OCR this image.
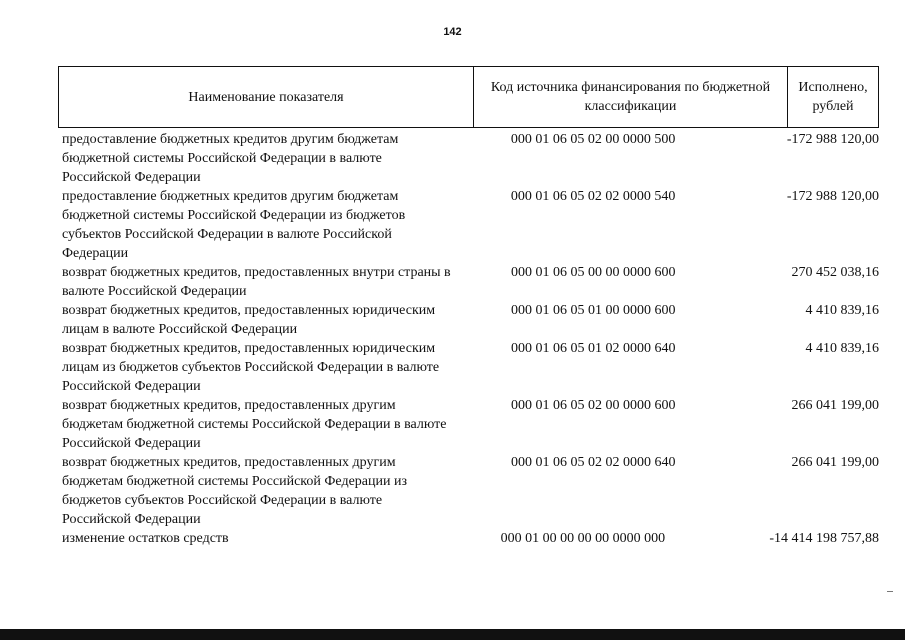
142
Наименование показателя
Код источника финансирования по бюджетной классификации
Исполнено, рублей
предоставление бюджетных кредитов другим бюджетам бюджетной системы Российской Федерации в валюте Российской Федерации
000 01 06 05 02 00 0000 500	-172 988 120,00
предоставление бюджетных кредитов другим бюджетам бюджетной системы Российской Федерации из бюджетов субъектов Российской Федерации в валюте Российской Федерации
000 01 06 05 02 02 0000 540	-172 988 120,00
возврат бюджетных кредитов, предоставленных внутри страны в валюте Российской Федерации
000 01 06 05 00 00 0000 600	270 452 038,16
возврат бюджетных кредитов, предоставленных юридическим лицам в валюте Российской Федерации
000 01 06 05 01 00 0000 600	4 410 839,16
возврат бюджетных кредитов, предоставленных юридическим лицам из бюджетов субъектов Российской Федерации в валюте Российской Федерации
000 01 06 05 01 02 0000 640	4 410 839,16
возврат бюджетных кредитов, предоставленных другим бюджетам бюджетной системы Российской Федерации в валюте Российской Федерации
000 01 06 05 02 00 0000 600	266 041 199,00
возврат бюджетных кредитов, предоставленных другим бюджетам бюджетной системы Российской Федерации из бюджетов субъектов Российской Федерации в валюте Российской Федерации
000 01 06 05 02 02 0000 640	266 041 199,00
изменение остатков средств	000 01 00 00 00 00 0000 000	-14 414 198 757,88
